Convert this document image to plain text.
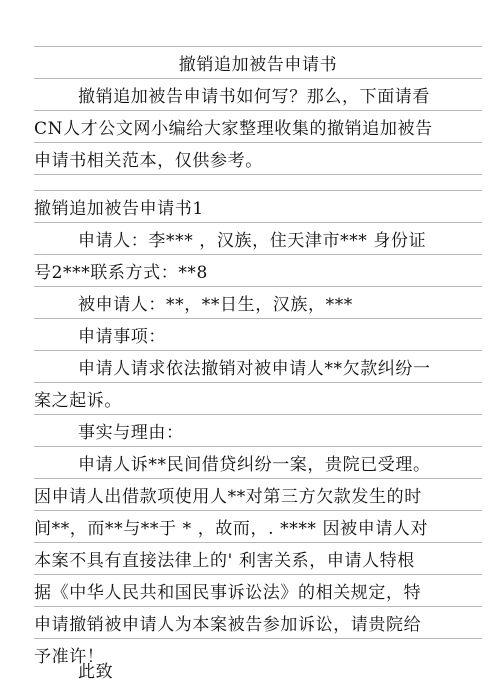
撤销追加被告申请书
撤销追加被告申请书如何写？那么，下面请看
CN人才公文网小编给大家整理收集的撤销追加被告
申请书相关范本，仅供参考。
撤销追加被告申请书1
申请人：李*** ，汉族，住天津市*** 身份证
号2***联系方式：**8
被申请人：**，**日生，汉族，***
申请事项：
申请人请求依法撤销对被申请人**欠款纠纷一
案之起诉。
事实与理由：
申请人诉**民间借贷纠纷一案，贵院已受理。
因申请人出借款项使用人**对第三方欠款发生的时
间**，而**与**于 * ，故而，. **** 因被申请人对
本案不具有直接法律上的' 利害关系，申请人特根
据《中华人民共和国民事诉讼法》的相关规定，特
申请撤销被申请人为本案被告参加诉讼，请贵院给
予准许！
此致
